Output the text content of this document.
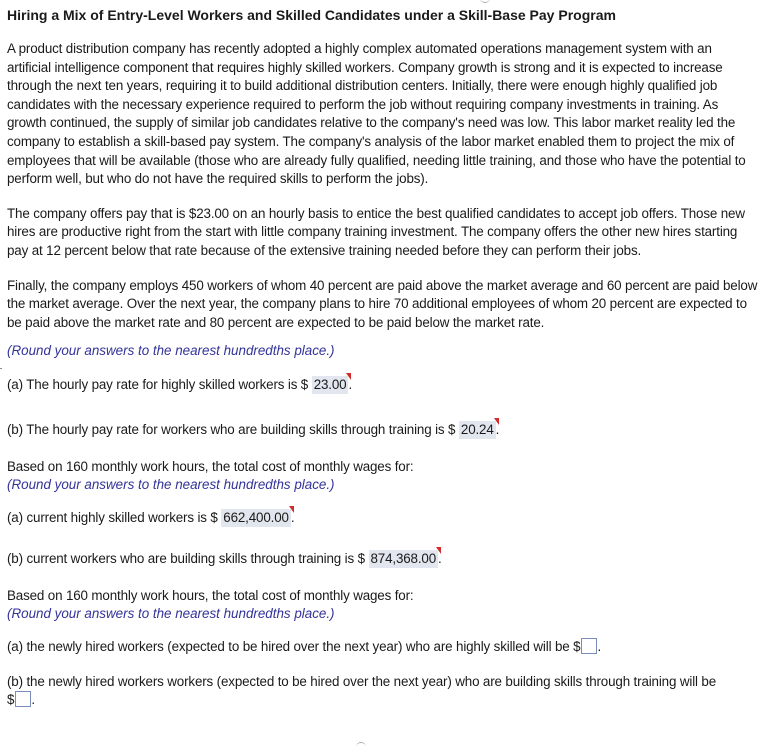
Hiring a Mix of Entry-Level Workers and Skilled Candidates under a Skill-Base Pay Program

A product distribution company has recently adopted a highly complex automated operations management system with an artificial intelligence component that requires highly skilled workers. Company growth is strong and it is expected to increase through the next ten years, requiring it to build additional distribution centers. Initially, there were enough highly qualified job candidates with the necessary experience required to perform the job without requiring company investments in training. As growth continued, the supply of similar job candidates relative to the company's need was low. This labor market reality led the company to establish a skill-based pay system. The company's analysis of the labor market enabled them to project the mix of employees that will be available (those who are already fully qualified, needing little training, and those who have the potential to perform well, but who do not have the required skills to perform the jobs).

The company offers pay that is $23.00 on an hourly basis to entice the best qualified candidates to accept job offers. Those new hires are productive right from the start with little company training investment. The company offers the other new hires starting pay at 12 percent below that rate because of the extensive training needed before they can perform their jobs.

Finally, the company employs 450 workers of whom 40 percent are paid above the market average and 60 percent are paid below the market average. Over the next year, the company plans to hire 70 additional employees of whom 20 percent are expected to be paid above the market rate and 80 percent are expected to be paid below the market rate.

(Round your answers to the nearest hundredths place.)
(a) The hourly pay rate for highly skilled workers is $ 23.00 .
(b) The hourly pay rate for workers who are building skills through training is $ 20.24 .
Based on 160 monthly work hours, the total cost of monthly wages for:
(Round your answers to the nearest hundredths place.)
(a) current highly skilled workers is $ 662,400.00 .
(b) current workers who are building skills through training is $ 874,368.00 .
Based on 160 monthly work hours, the total cost of monthly wages for:
(Round your answers to the nearest hundredths place.)
(a) the newly hired workers (expected to be hired over the next year) who are highly skilled will be $ .
(b) the newly hired workers workers (expected to be hired over the next year) who are building skills through training will be
$ .
